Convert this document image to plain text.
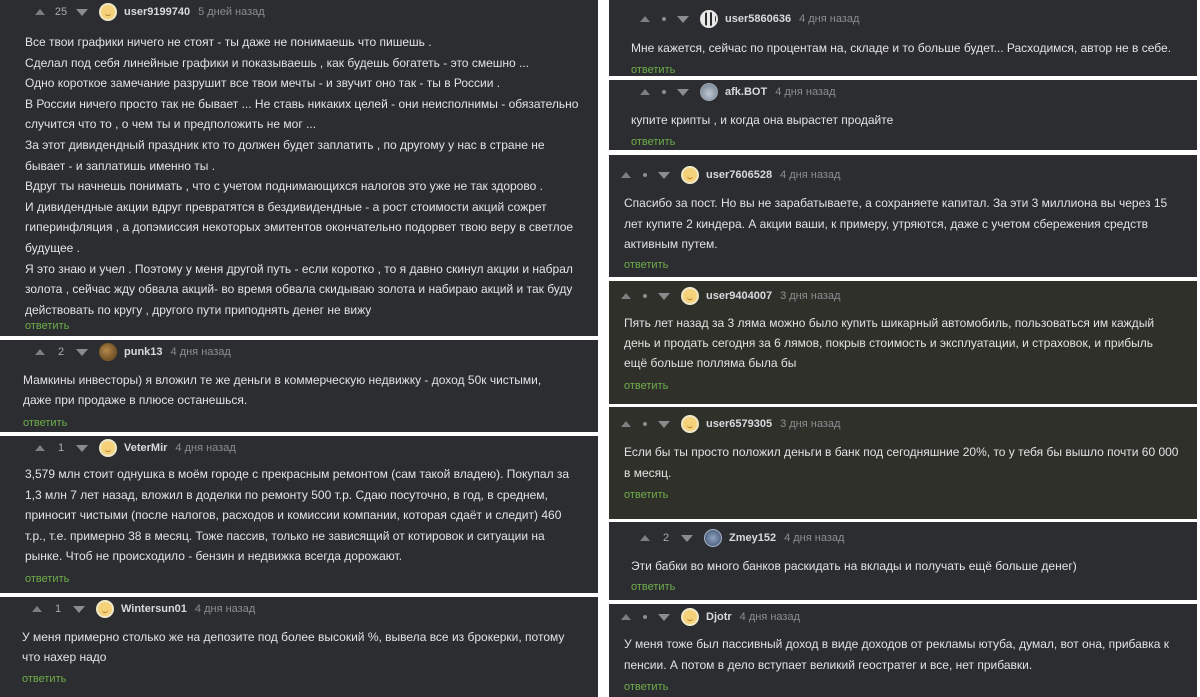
25	user9199740 5 дней назад

Все твои графики ничего не стоят - ты даже не понимаешь что пишешь .

Сделал под себя линейные графики и показываешь , как будешь богатеть - это смешно ...

Одно короткое замечание разрушит все твои мечты - и звучит оно так - ты в России .

В России ничего просто так не бывает ... Не ставь никаких целей - они неисполнимы - обязательно

случится что то , о чем ты и предположить не мог ...

За этот дивидендный праздник кто то должен будет заплатить , по другому у нас в стране не

бывает - и заплатишь именно ты .

Вдруг ты начнешь понимать , что с учетом поднимающихся налогов это уже не так здорово .

И дивидендные акции вдруг превратятся в бездивидендные - а рост стоимости акций сожрет

гиперинфляция , а допэмиссия некоторых эмитентов окончательно подорвет твою веру в светлое

будущее .

Я это знаю и учел . Поэтому у меня другой путь - если коротко , то я давно скинул акции и набрал

золота , сейчас жду обвала акций- во время обвала скидываю золота и набираю акций и так буду

действовать по кругу , другого пути приподнять денег не вижу

ответить
2	punk13 4 дня назад

Мамкины инвесторы) я вложил те же деньги в коммерческую недвижку - доход 50к чистыми,

даже при продаже в плюсе останешься.

ответить
1	VeterMir 4 дня назад

3,579 млн стоит однушка в моём городе с прекрасным ремонтом (сам такой владею). Покупал за

1,3 млн 7 лет назад, вложил в доделки по ремонту 500 т.р. Сдаю посуточно, в год, в среднем,

приносит чистыми (после налогов, расходов и комиссии компании, которая сдаёт и следит) 460

т.р., т.е. примерно 38 в месяц. Тоже пассив, только не зависящий от котировок и ситуации на

рынке. Чтоб не происходило - бензин и недвижка всегда дорожают.

ответить
1	Wintersun01 4 дня назад

У меня примерно столько же на депозите под более высокий %, вывела все из брокерки, потому

что нахер надо

ответить
user5860636 4 дня назад

Мне кажется, сейчас по процентам на, складе и то больше будет... Расходимся, автор не в себе.

ответить
afk.BOT 4 дня назад

купите крипты , и когда она вырастет продайте

ответить
user7606528 4 дня назад

Спасибо за пост. Но вы не зарабатываете, а сохраняете капитал. За эти 3 миллиона вы через 15

лет купите 2 киндера. А акции ваши, к примеру, утряются, даже с учетом сбережения средств

активным путем.

ответить
user9404007 3 дня назад

Пять лет назад за 3 ляма можно было купить шикарный автомобиль, пользоваться им каждый

день и продать сегодня за 6 лямов, покрыв стоимость и эксплуатации, и страховок, и прибыль

ещё больше поллямa была бы

ответить
user6579305 3 дня назад

Если бы ты просто положил деньги в банк под сегодняшние 20%, то у тебя бы вышло почти 60 000

в месяц.

ответить
2	Zmey152 4 дня назад

Эти бабки во много банков раскидать на вклады и получать ещё больше денег)

ответить
Djotr 4 дня назад

У меня тоже был пассивный доход в виде доходов от рекламы ютуба, думал, вот она, прибавка к

пенсии. А потом в дело вступает великий геостратег и все, нет прибавки.

ответить
